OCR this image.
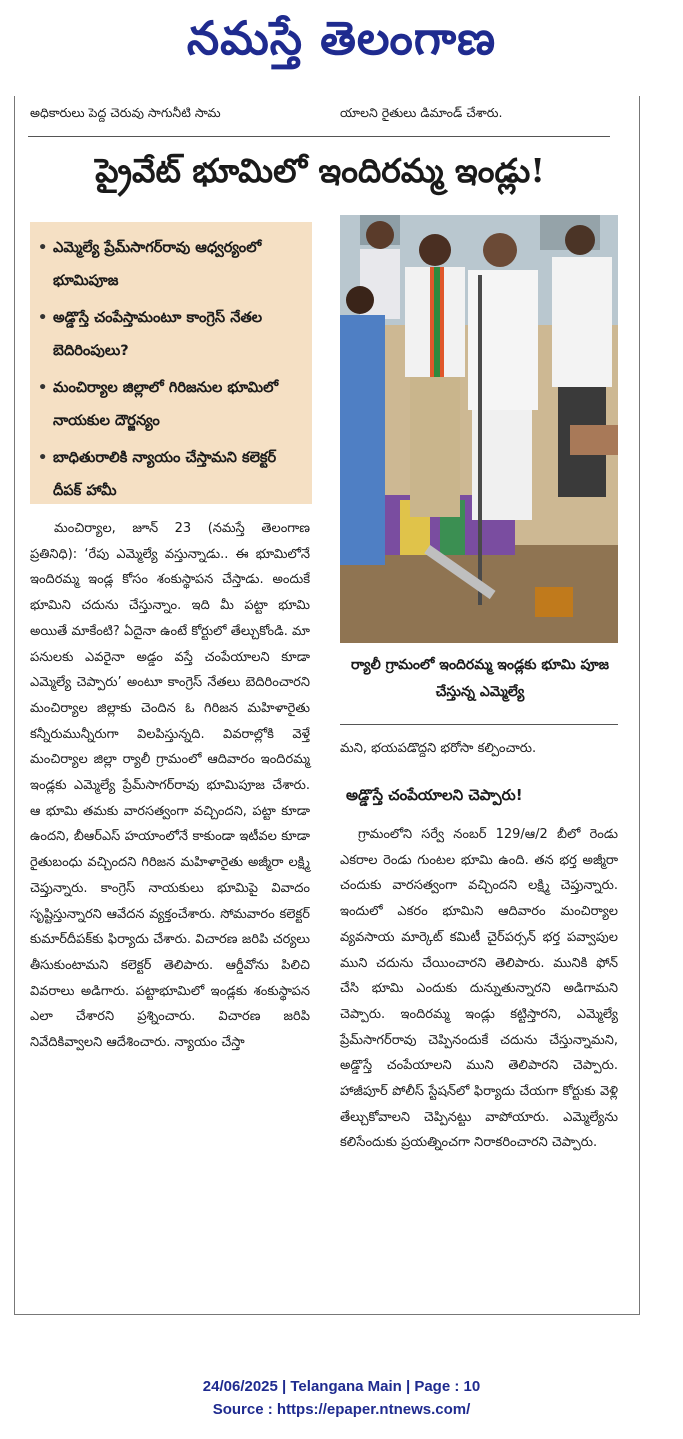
నమస్తే తెలంగాణ
అధికారులు పెద్ద చెరువు సాగునీటి సామ	యాలని రైతులు డిమాండ్ చేశారు.
ప్రైవేట్ భూమిలో ఇందిరమ్మ ఇండ్లు!
• ఎమ్మెల్యే ప్రేమ్‌సాగర్‌రావు ఆధ్వర్యంలో భూమిపూజ
• అడ్డొస్తే చంపేస్తామంటూ కాంగ్రెస్ నేతల బెదిరింపులు?
• మంచిర్యాల జిల్లాలో గిరిజనుల భూమిలో నాయకుల దౌర్జన్యం
• బాధితురాలికి న్యాయం చేస్తామని కలెక్టర్ దీపక్ హామీ

మంచిర్యాల, జూన్ 23 (నమస్తే తెలంగాణ ప్రతినిధి): ‘రేపు ఎమ్మెల్యే వస్తున్నాడు.. ఈ భూమిలోనే ఇందిరమ్మ ఇండ్ల కోసం శంకుస్థాపన చేస్తాడు. అందుకే భూమిని చదును చేస్తున్నాం. ఇది మీ పట్టా భూమి అయితే మాకేంటి? ఏదైనా ఉంటే కోర్టులో తేల్చుకోండి. మా పనులకు ఎవరైనా అడ్డం వస్తే చంపేయాలని కూడా ఎమ్మెల్యే చెప్పారు’ అంటూ కాంగ్రెస్ నేతలు బెదిరించారని మంచిర్యాల జిల్లాకు చెందిన ఓ గిరిజన మహిళారైతు కన్నీరుమున్నీరుగా విలపిస్తున్నది. వివరాల్లోకి వెళ్తే మంచిర్యాల జిల్లా ర్యాలీ గ్రామంలో ఆదివారం ఇందిరమ్మ ఇండ్లకు ఎమ్మెల్యే ప్రేమ్‌సాగర్‌రావు భూమిపూజ చేశారు. ఆ భూమి తమకు వారసత్వంగా వచ్చిందని, పట్టా కూడా ఉందని, బీఆర్‌ఎస్ హయాంలోనే కాకుండా ఇటీవల కూడా రైతుబంధు వచ్చిందని గిరిజన మహిళారైతు అజ్మీరా లక్ష్మి చెప్తున్నారు. కాంగ్రెస్ నాయకులు భూమిపై వివాదం సృష్టిస్తున్నారని ఆవేదన వ్యక్తంచేశారు. సోమవారం కలెక్టర్ కుమార్‌దీపక్‌కు ఫిర్యాదు చేశారు. విచారణ జరిపి చర్యలు తీసుకుంటామని కలెక్టర్ తెలిపారు. ఆర్డీవోను పిలిచి వివరాలు అడిగారు. పట్టాభూమిలో ఇండ్లకు శంకుస్థాపన ఎలా చేశారని ప్రశ్నించారు. విచారణ జరిపి నివేదికివ్వాలని ఆదేశించారు. న్యాయం చేస్తా

ర్యాలీ గ్రామంలో ఇందిరమ్మ ఇండ్లకు భూమి పూజ చేస్తున్న ఎమ్మెల్యే
మని, భయపడొద్దని భరోసా కల్పించారు.
అడ్డొస్తే చంపేయాలని చెప్పారు!

గ్రామంలోని సర్వే నంబర్ 129/ఆ/2 బీలో రెండు ఎకరాల రెండు గుంటల భూమి ఉంది. తన భర్త అజ్మీరా చందుకు వారసత్వంగా వచ్చిందని లక్ష్మి చెప్తున్నారు. ఇందులో ఎకరం భూమిని ఆదివారం మంచిర్యాల వ్యవసాయ మార్కెట్ కమిటీ చైర్‌పర్సన్ భర్త పవ్వాపుల ముని చదును చేయించారని తెలిపారు. మునికి ఫోన్ చేసి భూమి ఎందుకు దున్నుతున్నారని అడిగామని చెప్పారు. ఇందిరమ్మ ఇండ్లు కట్టిస్తారని, ఎమ్మెల్యే ప్రేమ్‌సాగర్‌రావు చెప్పినందుకే చదును చేస్తున్నామని, అడ్డొస్తే చంపేయాలని ముని తెలిపారని చెప్పారు. హాజీపూర్ పోలీస్ స్టేషన్‌లో ఫిర్యాదు చేయగా కోర్టుకు వెళ్లి తేల్చుకోవాలని చెప్పినట్టు వాపోయారు. ఎమ్మెల్యేను కలిసేందుకు ప్రయత్నించగా నిరాకరించారని చెప్పారు.

24/06/2025 | Telangana Main | Page : 10
Source : https://epaper.ntnews.com/
